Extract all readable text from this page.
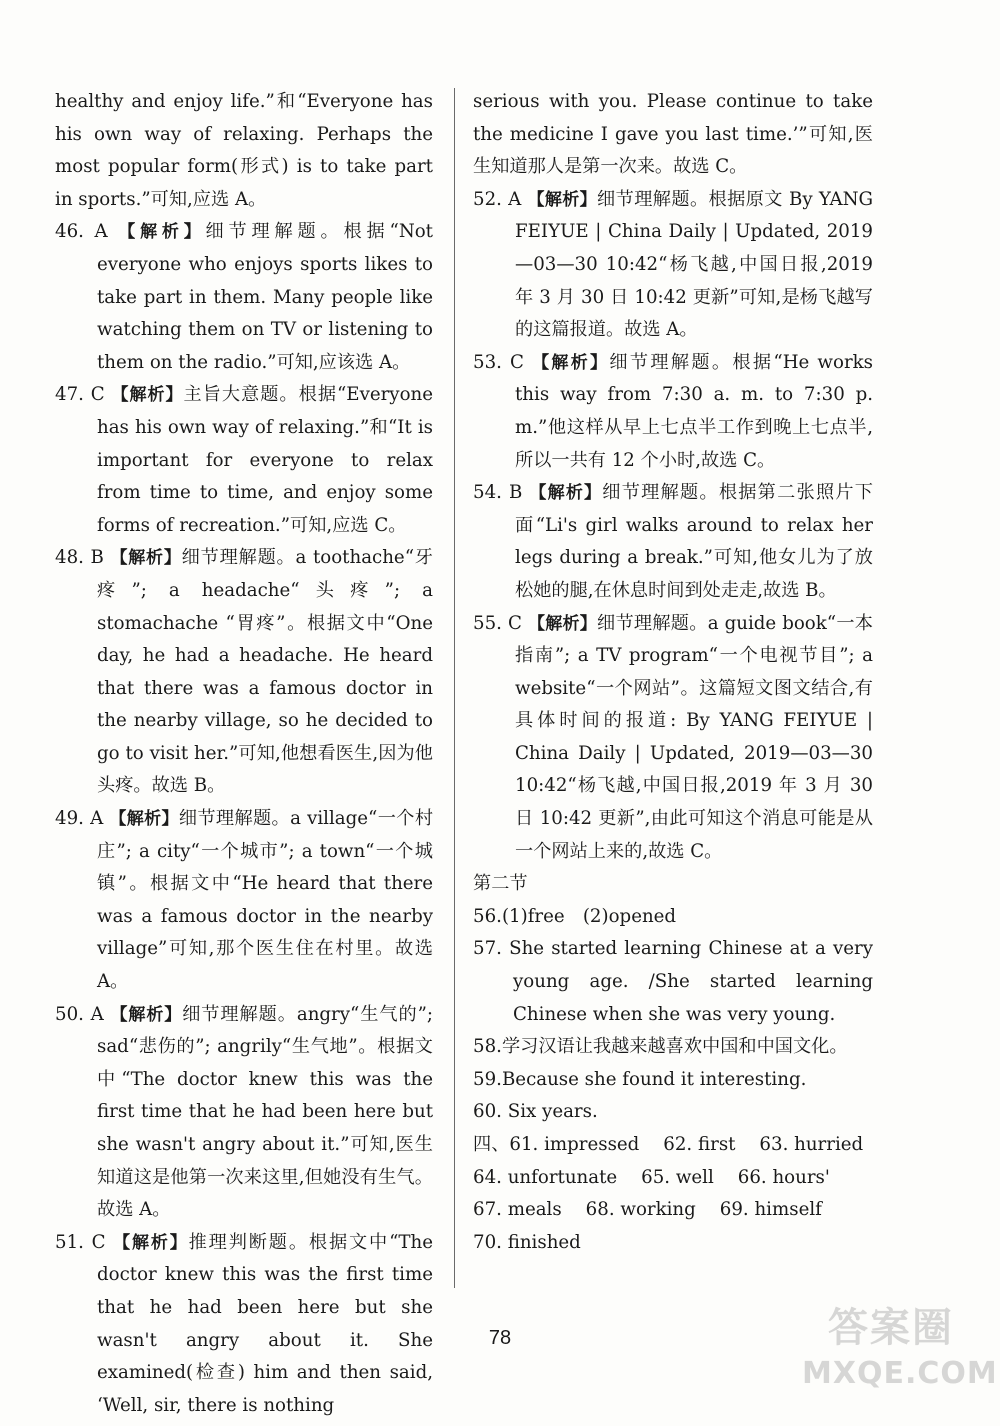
healthy and enjoy life.”和“Everyone has his own way of relaxing. Perhaps the most popular form(形式) is to take part in sports.”可知,应选 A。

46. A 【解析】细节理解题。根据“Not everyone who enjoys sports likes to take part in them. Many people like watching them on TV or listening to them on the radio.”可知,应该选 A。

47. C 【解析】主旨大意题。根据“Everyone has his own way of relaxing.”和“It is important for everyone to relax from time to time, and enjoy some forms of recreation.”可知,应选 C。

48. B 【解析】细节理解题。a toothache“牙疼”; a headache“头疼”; a stomachache “胃疼”。根据文中“One day, he had a headache. He heard that there was a famous doctor in the nearby village, so he decided to go to visit her.”可知,他想看医生,因为他头疼。故选 B。

49. A 【解析】细节理解题。a village“一个村庄”; a city“一个城市”; a town“一个城镇”。根据文中“He heard that there was a famous doctor in the nearby village”可知,那个医生住在村里。故选 A。

50. A 【解析】细节理解题。angry“生气的”; sad“悲伤的”; angrily“生气地”。根据文中“The doctor knew this was the first time that he had been here but she wasn't angry about it.”可知,医生知道这是他第一次来这里,但她没有生气。故选 A。

51. C 【解析】推理判断题。根据文中“The doctor knew this was the first time that he had been here but she wasn't angry about it. She examined(检查) him and then said, ‘Well, sir, there is nothing

serious with you. Please continue to take the medicine I gave you last time.’”可知,医生知道那人是第一次来。故选 C。

52. A 【解析】细节理解题。根据原文 By YANG FEIYUE | China Daily | Updated, 2019—03—30 10:42“杨飞越,中国日报,2019 年 3 月 30 日 10:42 更新”可知,是杨飞越写的这篇报道。故选 A。

53. C 【解析】细节理解题。根据“He works this way from 7:30 a. m. to 7:30 p. m.”他这样从早上七点半工作到晚上七点半,所以一共有 12 个小时,故选 C。

54. B 【解析】细节理解题。根据第二张照片下面“Li's girl walks around to relax her legs during a break.”可知,他女儿为了放松她的腿,在休息时间到处走走,故选 B。

55. C 【解析】细节理解题。a guide book“一本指南”; a TV program“一个电视节目”; a website“一个网站”。这篇短文图文结合,有具体时间的报道: By YANG FEIYUE | China Daily | Updated, 2019—03—30 10:42“杨飞越,中国日报,2019 年 3 月 30 日 10:42 更新”,由此可知这个消息可能是从一个网站上来的,故选 C。

第二节

56.(1)free (2)opened

57. She started learning Chinese at a very young age. /She started learning Chinese when she was very young.

58.学习汉语让我越来越喜欢中国和中国文化。

59.Because she found it interesting.

60. Six years.

四、61. impressed  62. first  63. hurried

64. unfortunate  65. well  66. hours'

67. meals  68. working  69. himself

70. finished

78	答案圈
MXQE.COM
